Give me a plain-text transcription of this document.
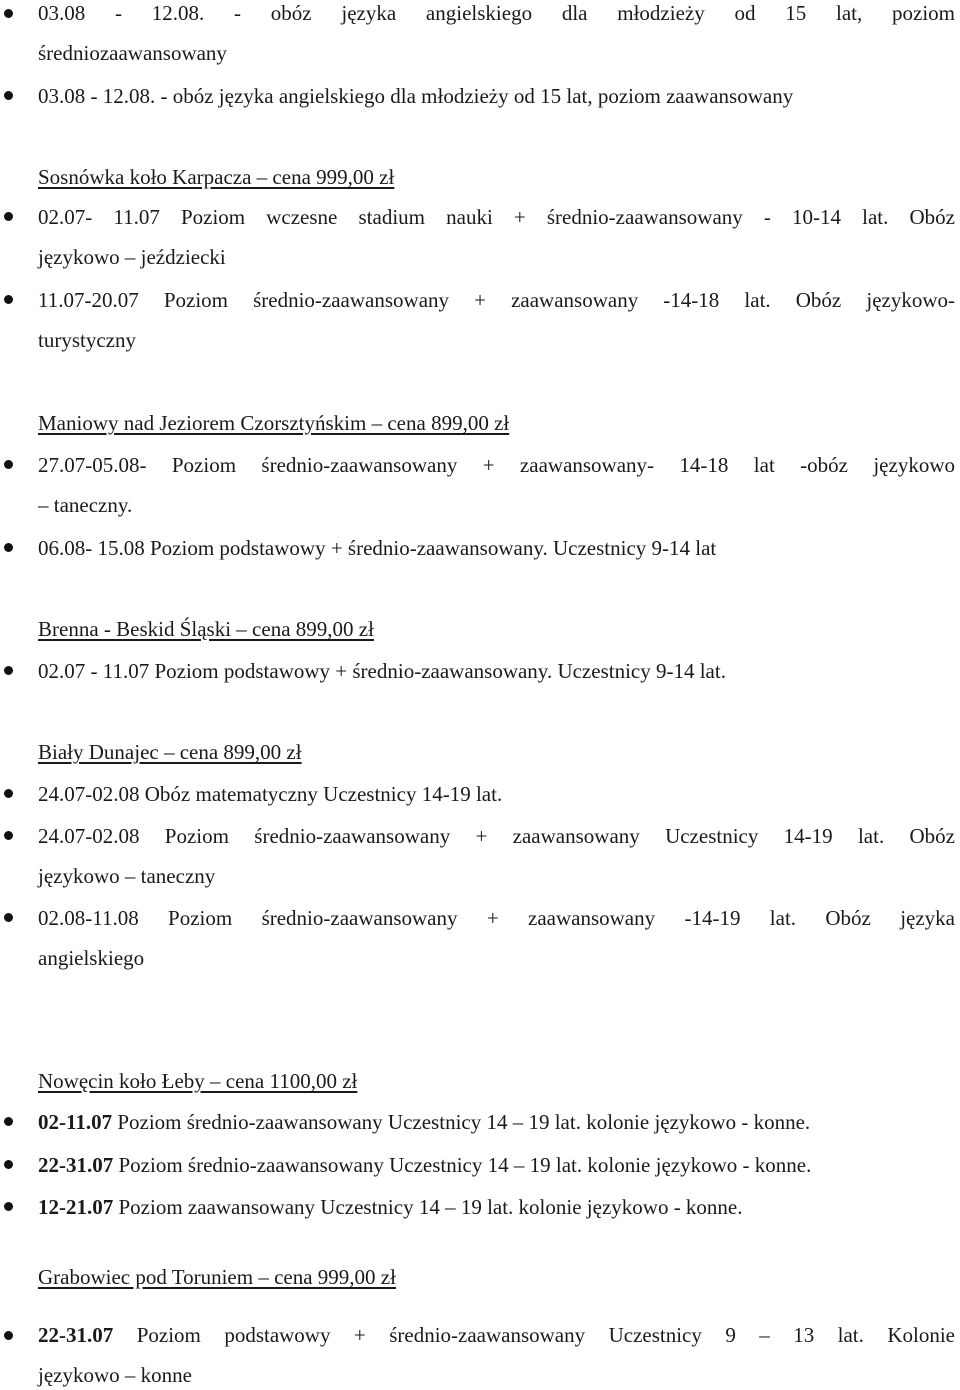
03.08 - 12.08. - obóz języka angielskiego dla młodzieży od 15 lat, poziom
średniozaawansowany
03.08 - 12.08. - obóz języka angielskiego dla młodzieży od 15 lat, poziom zaawansowany
Sosnówka koło Karpacza – cena 999,00 zł
02.07- 11.07 Poziom wczesne stadium nauki + średnio-zaawansowany - 10-14 lat. Obóz
językowo – jeździecki
11.07-20.07 Poziom średnio-zaawansowany + zaawansowany -14-18 lat. Obóz językowo-
turystyczny
Maniowy nad Jeziorem Czorsztyńskim – cena 899,00 zł
27.07-05.08- Poziom średnio-zaawansowany + zaawansowany- 14-18 lat -obóz językowo
– taneczny.
06.08- 15.08 Poziom podstawowy + średnio-zaawansowany. Uczestnicy 9-14 lat
Brenna - Beskid Śląski – cena 899,00 zł
02.07 - 11.07 Poziom podstawowy + średnio-zaawansowany. Uczestnicy 9-14 lat.
Biały Dunajec – cena 899,00 zł
24.07-02.08 Obóz matematyczny Uczestnicy 14-19 lat.
24.07-02.08 Poziom średnio-zaawansowany + zaawansowany Uczestnicy 14-19 lat. Obóz
językowo – taneczny
02.08-11.08 Poziom średnio-zaawansowany + zaawansowany -14-19 lat. Obóz języka
angielskiego
Nowęcin koło Łeby – cena 1100,00 zł
02-11.07 Poziom średnio-zaawansowany Uczestnicy 14 – 19 lat. kolonie językowo - konne.
22-31.07 Poziom średnio-zaawansowany Uczestnicy 14 – 19 lat. kolonie językowo - konne.
12-21.07 Poziom zaawansowany Uczestnicy 14 – 19 lat. kolonie językowo - konne.
Grabowiec pod Toruniem – cena 999,00 zł
22-31.07 Poziom podstawowy + średnio-zaawansowany Uczestnicy 9 – 13 lat. Kolonie
językowo – konne
